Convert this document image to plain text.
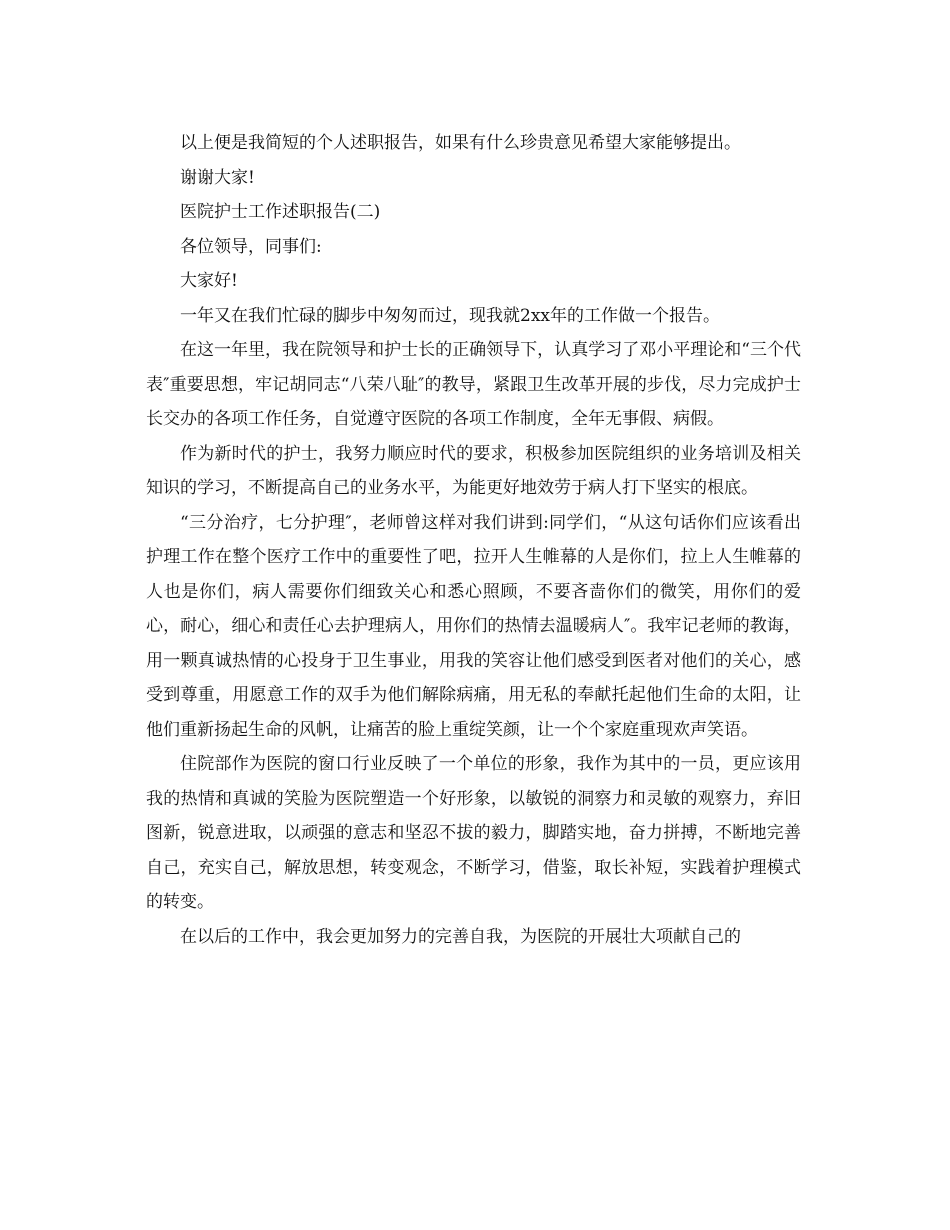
以上便是我简短的个人述职报告，如果有什么珍贵意见希望大家能够提出。

谢谢大家!

医院护士工作述职报告(二)

各位领导，同事们:

大家好!

一年又在我们忙碌的脚步中匆匆而过，现我就2xx年的工作做一个报告。

在这一年里，我在院领导和护士长的正确领导下，认真学习了邓小平理论和“三个代表″重要思想，牢记胡同志“八荣八耻″的教导，紧跟卫生改革开展的步伐，尽力完成护士长交办的各项工作任务，自觉遵守医院的各项工作制度，全年无事假、病假。

作为新时代的护士，我努力顺应时代的要求，积极参加医院组织的业务培训及相关知识的学习，不断提高自己的业务水平，为能更好地效劳于病人打下坚实的根底。

“三分治疗，七分护理″，老师曾这样对我们讲到:同学们，“从这句话你们应该看出护理工作在整个医疗工作中的重要性了吧，拉开人生帷幕的人是你们，拉上人生帷幕的人也是你们，病人需要你们细致关心和悉心照顾，不要吝啬你们的微笑，用你们的爱心，耐心，细心和责任心去护理病人，用你们的热情去温暖病人″。我牢记老师的教诲，用一颗真诚热情的心投身于卫生事业，用我的笑容让他们感受到医者对他们的关心，感受到尊重，用愿意工作的双手为他们解除病痛，用无私的奉献托起他们生命的太阳，让他们重新扬起生命的风帆，让痛苦的脸上重绽笑颜，让一个个家庭重现欢声笑语。

住院部作为医院的窗口行业反映了一个单位的形象，我作为其中的一员，更应该用我的热情和真诚的笑脸为医院塑造一个好形象，以敏锐的洞察力和灵敏的观察力，弃旧图新，锐意进取，以顽强的意志和坚忍不拔的毅力，脚踏实地，奋力拼搏，不断地完善自己，充实自己，解放思想，转变观念，不断学习，借鉴，取长补短，实践着护理模式的转变。

在以后的工作中，我会更加努力的完善自我，为医院的开展壮大项献自己的
